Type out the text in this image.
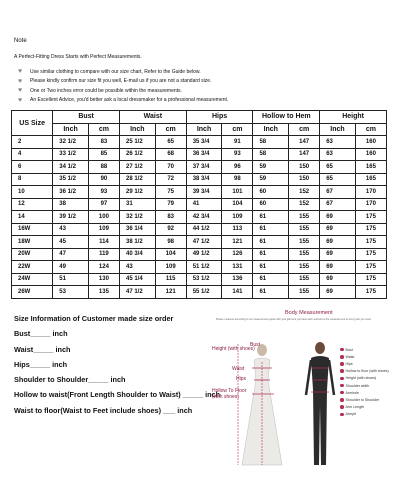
Note
A Perfect-Fitting Dress Starts with Perfect Measurements.
♥	Use similar clothing to compare with our size chart, Refer to the Guide below.
♥	Please kindly confirm our size fit you well, E-mail us if you are not a standard size.
♥	One or Two inches error could be possible within the measurements.
♥	An Excellent Advice, you'd better ask a local dressmaker for a professional measurement.
US Size	Bust		Waist		Hips		Hollow to Hem		Height	
	Inch	cm	Inch	cm	Inch	cm	Inch	cm	Inch	cm
2	32 1/2	83	25 1/2	65	35 3/4	91	58	147	63	160
4	33 1/2	85	26 1/2	68	36 3/4	93	58	147	63	160
6	34 1/2	88	27 1/2	70	37 3/4	96	59	150	65	165
8	35 1/2	90	28 1/2	72	38 3/4	98	59	150	65	165
10	36 1/2	93	29 1/2	75	39 3/4	101	60	152	67	170
12	38	97	31	79	41	104	60	152	67	170
14	39 1/2	100	32 1/2	83	42 3/4	109	61	155	69	175
16W	43	109	36 1/4	92	44 1/2	113	61	155	69	175
18W	45	114	38 1/2	98	47 1/2	121	61	155	69	175
20W	47	119	40 3/4	104	49 1/2	126	61	155	69	175
22W	49	124	43	109	51 1/2	131	61	155	69	175
24W	51	130	45 1/4	115	53 1/2	136	61	155	69	175
26W	53	135	47 1/2	121	55 1/2	141	61	155	69	175
Size Information of Customer made size order
Bust_____ inch
Waist_____ inch
Hips_____ inch
Shoulder to Shoulder_____ inch
Hollow to waist(Front Length Shoulder to Waist) _____ inch
Waist to floor(Waist to Feet include shoes) ___ inch
Body Measurement
Please measure according to our measurement guide with your garment you have worn and tell us the measurement of every part you need
Height (with shoes)
Bust
Waist
Hips
Hollow To Floor (with shoes)
Bust
Waist
Hips
Hollow to floor (with shoes)
Height (with shoes)
Shoulder width
Armhole
Shoulder to Shoulder
Arm Length
Armpit
